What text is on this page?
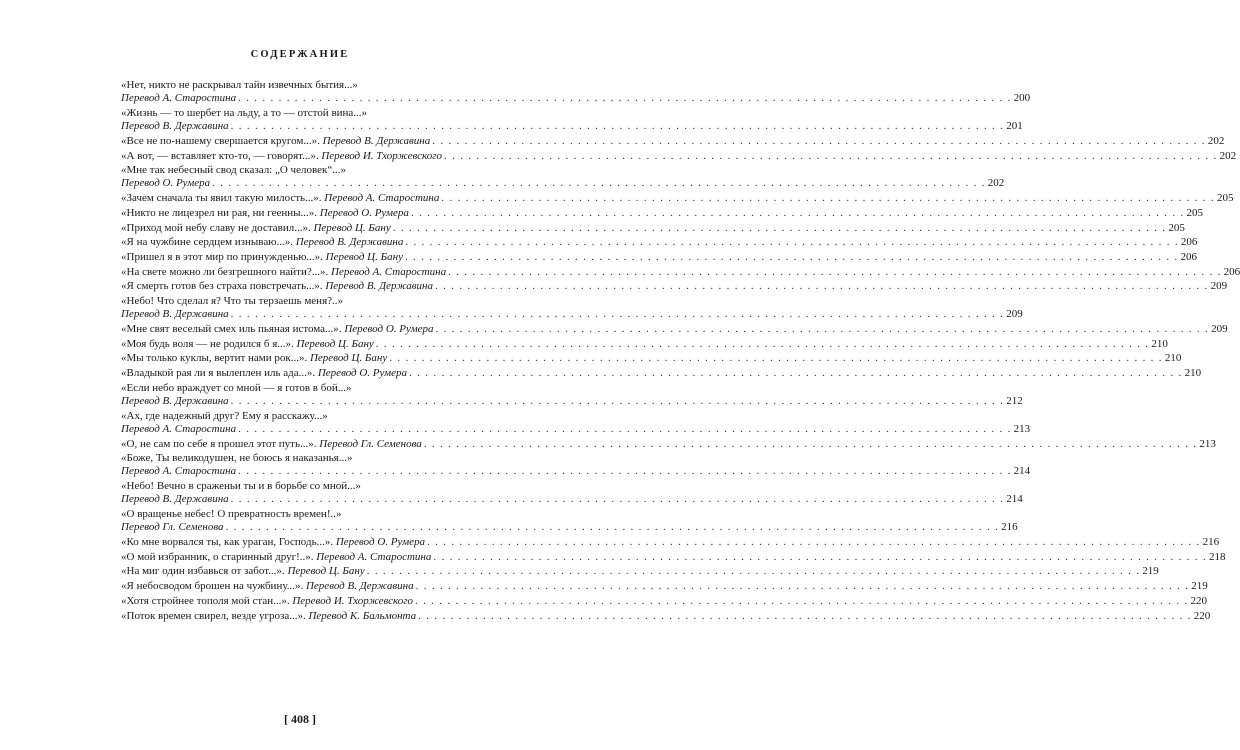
СОДЕРЖАНИЕ
«Нет, никто не раскрывал тайн извечных бытия...»
Перевод А. Старостина . . .	200
«Жизнь — то шербет на льду, а то — отстой вина...»
Перевод В. Державина . . .	201
«Все не по-нашему свершается кругом...». Перевод В. Державина . . .	202
«А вот, — вставляет кто-то, — говорят...». Перевод И. Тхоржевского . . .	202
«Мне так небесный свод сказал: „О человек“...»
Перевод О. Румера . . .	202
«Зачем сначала ты явил такую милость...». Перевод А. Старостина . . .	205
«Никто не лицезрел ни рая, ни геенны...». Перевод О. Румера . . .	205
«Приход мой небу славу не доставил...». Перевод Ц. Бану . . .	205
«Я на чужбине сердцем изнываю...». Перевод В. Державина . . .	206
«Пришел я в этот мир по принужденью...». Перевод Ц. Бану . . .	206
«На свете можно ли безгрешного найти?...». Перевод А. Старостина . . .	206
«Я смерть готов без страха повстречать...». Перевод В. Державина . . .	209
«Небо! Что сделал я? Что ты терзаешь меня?..»
Перевод В. Державина . . .	209
«Мне свят веселый смех иль пьяная истома...». Перевод О. Румера . . .	209
«Моя будь воля — не родился б я...». Перевод Ц. Бану . . .	210
«Мы только куклы, вертит нами рок...». Перевод Ц. Бану . . .	210
«Владыкой рая ли я вылеплен иль ада...». Перевод О. Румера . . .	210
«Если небо враждует со мной — я готов в бой...»
Перевод В. Державина . . .	212
«Ах, где надежный друг? Ему я расскажу...»
Перевод А. Старостина . . .	213
«О, не сам по себе я прошел этот путь...». Перевод Гл. Семенова . . .	213
«Боже, Ты великодушен, не боюсь я наказанья...»
Перевод А. Старостина . . .	214
«Небо! Вечно в сраженьи ты и в борьбе со мной...»
Перевод В. Державина . . .	214
«О вращенье небес! О превратность времен!..»
Перевод Гл. Семенова . . .	216
«Ко мне ворвался ты, как ураган, Господь...». Перевод О. Румера . . .	216
«О мой избранник, о старинный друг!..». Перевод А. Старостина . . .	218
«На миг один избавься от забот...». Перевод Ц. Бану . . .	219
«Я небосводом брошен на чужбину...». Перевод В. Державина . . .	219
«Хотя стройнее тополя мой стан...». Перевод И. Тхоржевского . . .	220
«Поток времен свирел, везде угроза...». Перевод К. Бальмонта . . .	220
[ 408 ]
